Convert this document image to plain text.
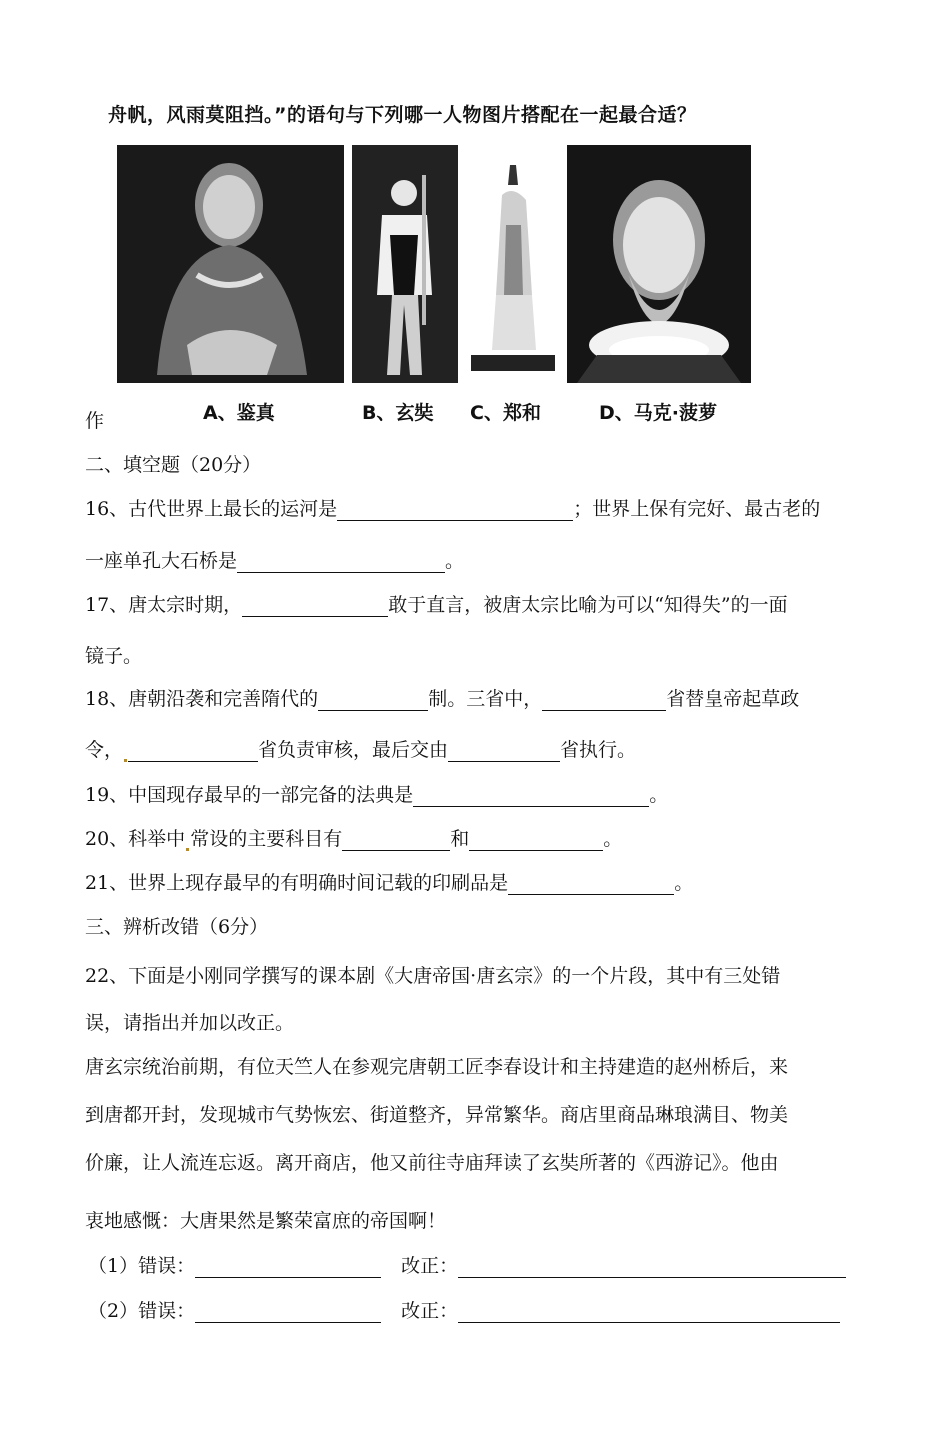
舟帆，风雨莫阻挡。”的语句与下列哪一人物图片搭配在一起最合适？
A、鉴真	B、玄奘 C、郑和	D、马克·菠萝
作
二、填空题（20分）
16、古代世界上最长的运河是	；世界上保有完好、最古老的
一座单孔大石桥是	。
17、唐太宗时期，	敢于直言，被唐太宗比喻为可以“知得失”的一面
镜子。
18、唐朝沿袭和完善隋代的	制。三省中，	省替皇帝起草政
令，	省负责审核，最后交由	省执行。
19、中国现存最早的一部完备的法典是	。
20、科举中 常设的主要科目有	和	。
21、世界上现存最早的有明确时间记载的印刷品是	。
三、辨析改错（6分）
22、下面是小刚同学撰写的课本剧《大唐帝国·唐玄宗》的一个片段，其中有三处错
误，请指出并加以改正。
唐玄宗统治前期，有位天竺人在参观完唐朝工匠李春设计和主持建造的赵州桥后，来
到唐都开封，发现城市气势恢宏、街道整齐，异常繁华。商店里商品琳琅满目、物美
价廉，让人流连忘返。离开商店，他又前往寺庙拜读了玄奘所著的《西游记》。他由
衷地感慨：大唐果然是繁荣富庶的帝国啊！
（1）错误：	改正：
（2）错误：	改正：
